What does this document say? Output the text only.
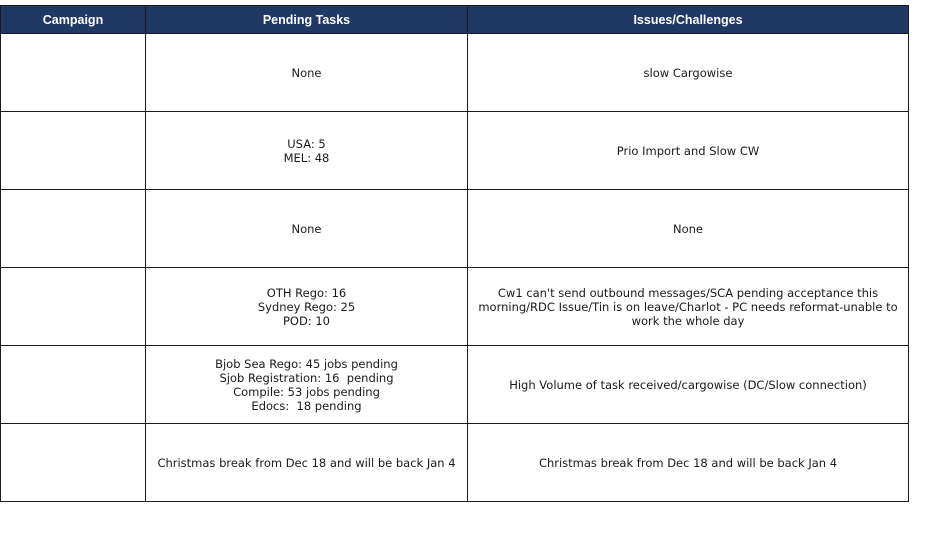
Campaign	Pending Tasks	Issues/Challenges

	None	slow Cargowise

	USA: 5
MEL: 48	Prio Import and Slow CW

	None	None

	OTH Rego: 16
Sydney Rego: 25
POD: 10	Cw1 can't send outbound messages/SCA pending acceptance this morning/RDC Issue/Tin is on leave/Charlot - PC needs reformat-unable to work the whole day

	Bjob Sea Rego: 45 jobs pending
Sjob Registration: 16  pending
Compile: 53 jobs pending
Edocs:  18 pending	High Volume of task received/cargowise (DC/Slow connection)

	Christmas break from Dec 18 and will be back Jan 4	Christmas break from Dec 18 and will be back Jan 4
